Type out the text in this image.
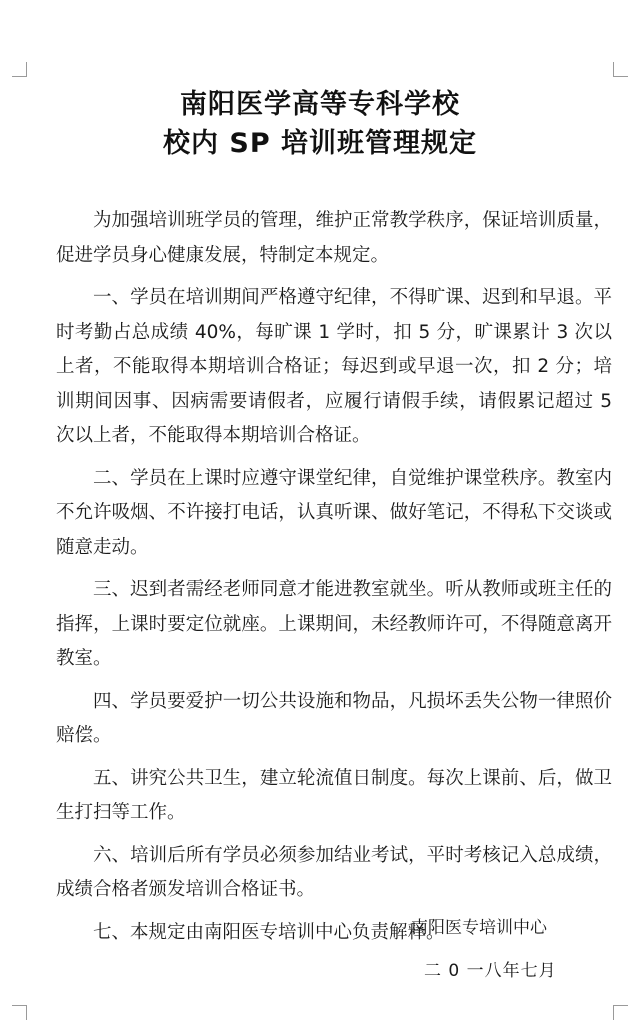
南阳医学高等专科学校
校内 SP 培训班管理规定

为加强培训班学员的管理，维护正常教学秩序，保证培训质量，促进学员身心健康发展，特制定本规定。

一、学员在培训期间严格遵守纪律，不得旷课、迟到和早退。平时考勤占总成绩 40%，每旷课 1 学时，扣 5 分，旷课累计 3 次以上者，不能取得本期培训合格证；每迟到或早退一次，扣 2 分；培训期间因事、因病需要请假者，应履行请假手续，请假累记超过 5 次以上者，不能取得本期培训合格证。

二、学员在上课时应遵守课堂纪律，自觉维护课堂秩序。教室内不允许吸烟、不许接打电话，认真听课、做好笔记，不得私下交谈或随意走动。

三、迟到者需经老师同意才能进教室就坐。听从教师或班主任的指挥，上课时要定位就座。上课期间，未经教师许可，不得随意离开教室。

四、学员要爱护一切公共设施和物品，凡损坏丢失公物一律照价赔偿。

五、讲究公共卫生，建立轮流值日制度。每次上课前、后，做卫生打扫等工作。

六、培训后所有学员必须参加结业考试，平时考核记入总成绩，成绩合格者颁发培训合格证书。

七、本规定由南阳医专培训中心负责解释。

南阳医专培训中心
二 0 一八年七月
